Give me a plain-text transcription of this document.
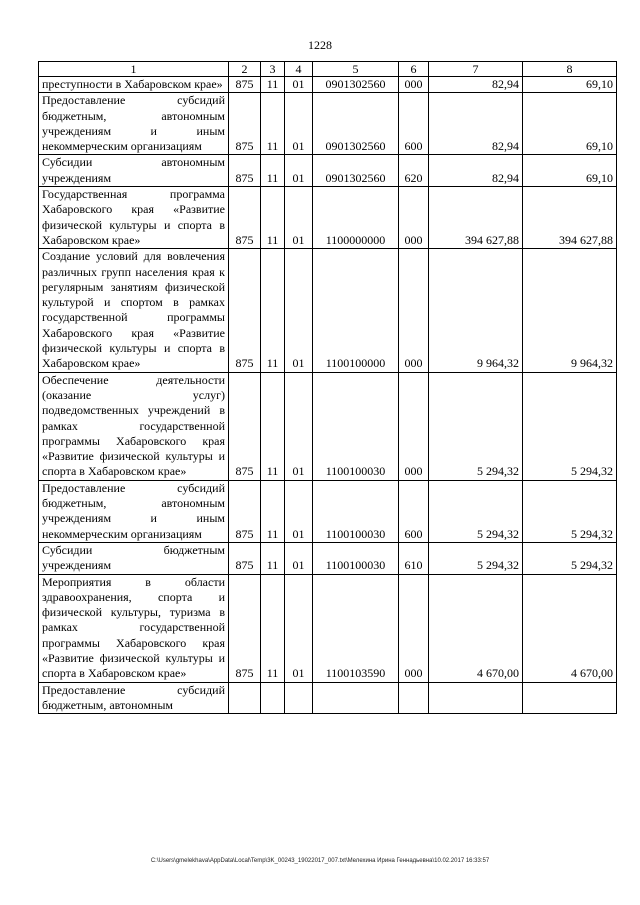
1228
1	2	3	4	5	6	7	8
преступности в Хабаровском крае»	875	11	01	0901302560	000	82,94	69,10
Предоставление субсидий бюджетным, автономным учреждениям и иным некоммерческим организациям	875	11	01	0901302560	600	82,94	69,10
Субсидии автономным учреждениям	875	11	01	0901302560	620	82,94	69,10
Государственная программа Хабаровского края «Развитие физической культуры и спорта в Хабаровском крае»	875	11	01	1100000000	000	394 627,88	394 627,88
Создание условий для вовлечения различных групп населения края к регулярным занятиям физической культурой и спортом в рамках государственной программы Хабаровского края «Развитие физической культуры и спорта в Хабаровском крае»	875	11	01	1100100000	000	9 964,32	9 964,32
Обеспечение деятельности (оказание услуг) подведомственных учреждений в рамках государственной программы Хабаровского края «Развитие физической культуры и спорта в Хабаровском крае»	875	11	01	1100100030	000	5 294,32	5 294,32
Предоставление субсидий бюджетным, автономным учреждениям и иным некоммерческим организациям	875	11	01	1100100030	600	5 294,32	5 294,32
Субсидии бюджетным учреждениям	875	11	01	1100100030	610	5 294,32	5 294,32
Мероприятия в области здравоохранения, спорта и физической культуры, туризма в рамках государственной программы Хабаровского края «Развитие физической культуры и спорта в Хабаровском крае»	875	11	01	1100103590	000	4 670,00	4 670,00
Предоставление субсидий бюджетным, автономным							
C:\Users\gmelekhava\AppData\Local\Temp\3K_00243_19022017_007.txt\Мелехина Ирина Геннадьевна\10.02.2017 16:33:57
